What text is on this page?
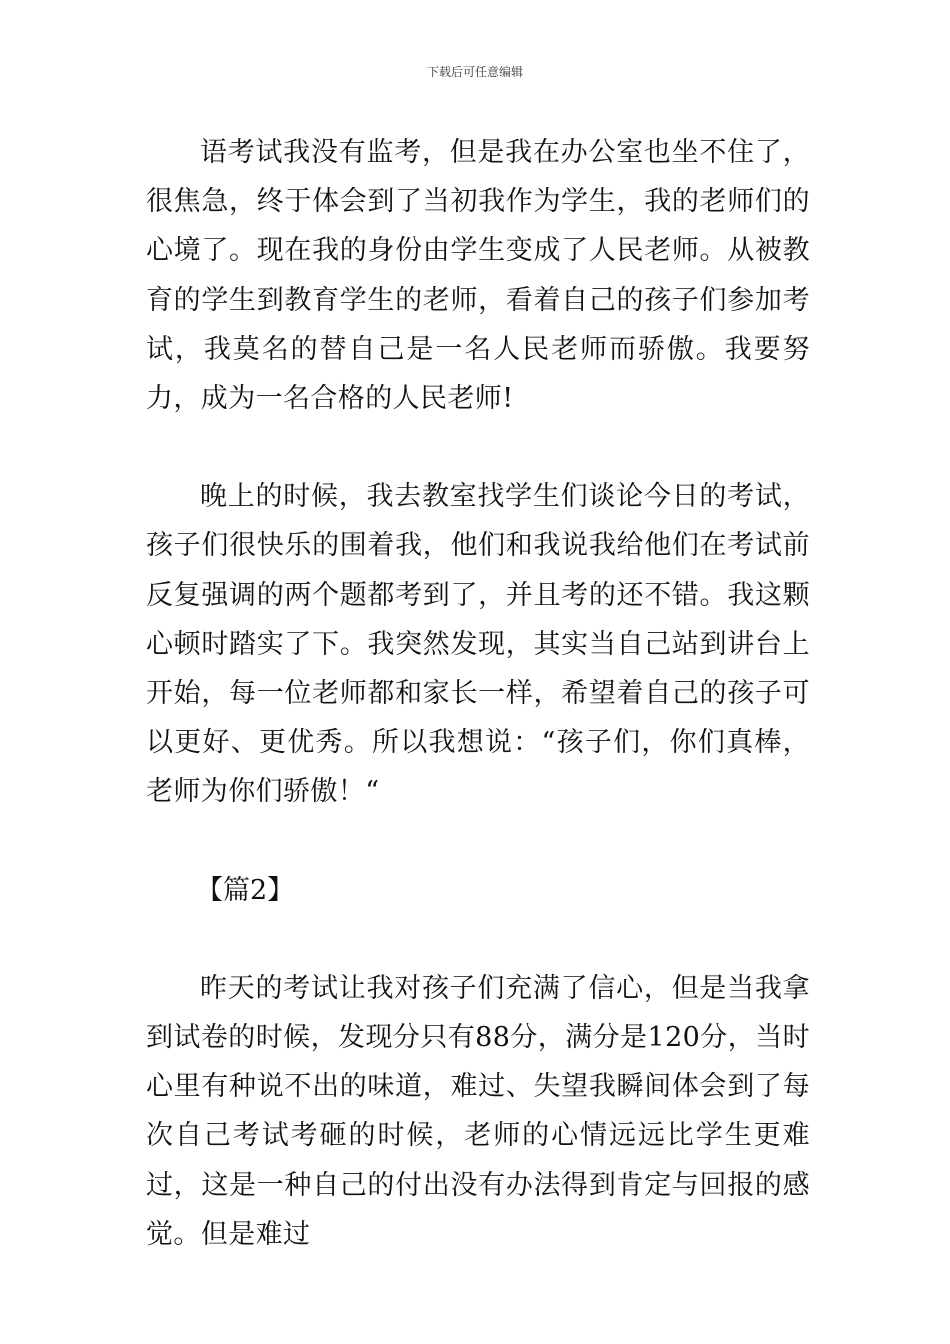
下载后可任意编辑

语考试我没有监考，但是我在办公室也坐不住了，很焦急，终于体会到了当初我作为学生，我的老师们的心境了。现在我的身份由学生变成了人民老师。从被教育的学生到教育学生的老师，看着自己的孩子们参加考试，我莫名的替自己是一名人民老师而骄傲。我要努力，成为一名合格的人民老师!

晚上的时候，我去教室找学生们谈论今日的考试，孩子们很快乐的围着我，他们和我说我给他们在考试前反复强调的两个题都考到了，并且考的还不错。我这颗心顿时踏实了下。我突然发现，其实当自己站到讲台上开始，每一位老师都和家长一样，希望着自己的孩子可以更好、更优秀。所以我想说：“孩子们，你们真棒，老师为你们骄傲！“

【篇2】

昨天的考试让我对孩子们充满了信心，但是当我拿到试卷的时候，发现分只有88分，满分是120分，当时心里有种说不出的味道，难过、失望我瞬间体会到了每次自己考试考砸的时候，老师的心情远远比学生更难过，这是一种自己的付出没有办法得到肯定与回报的感觉。但是难过
